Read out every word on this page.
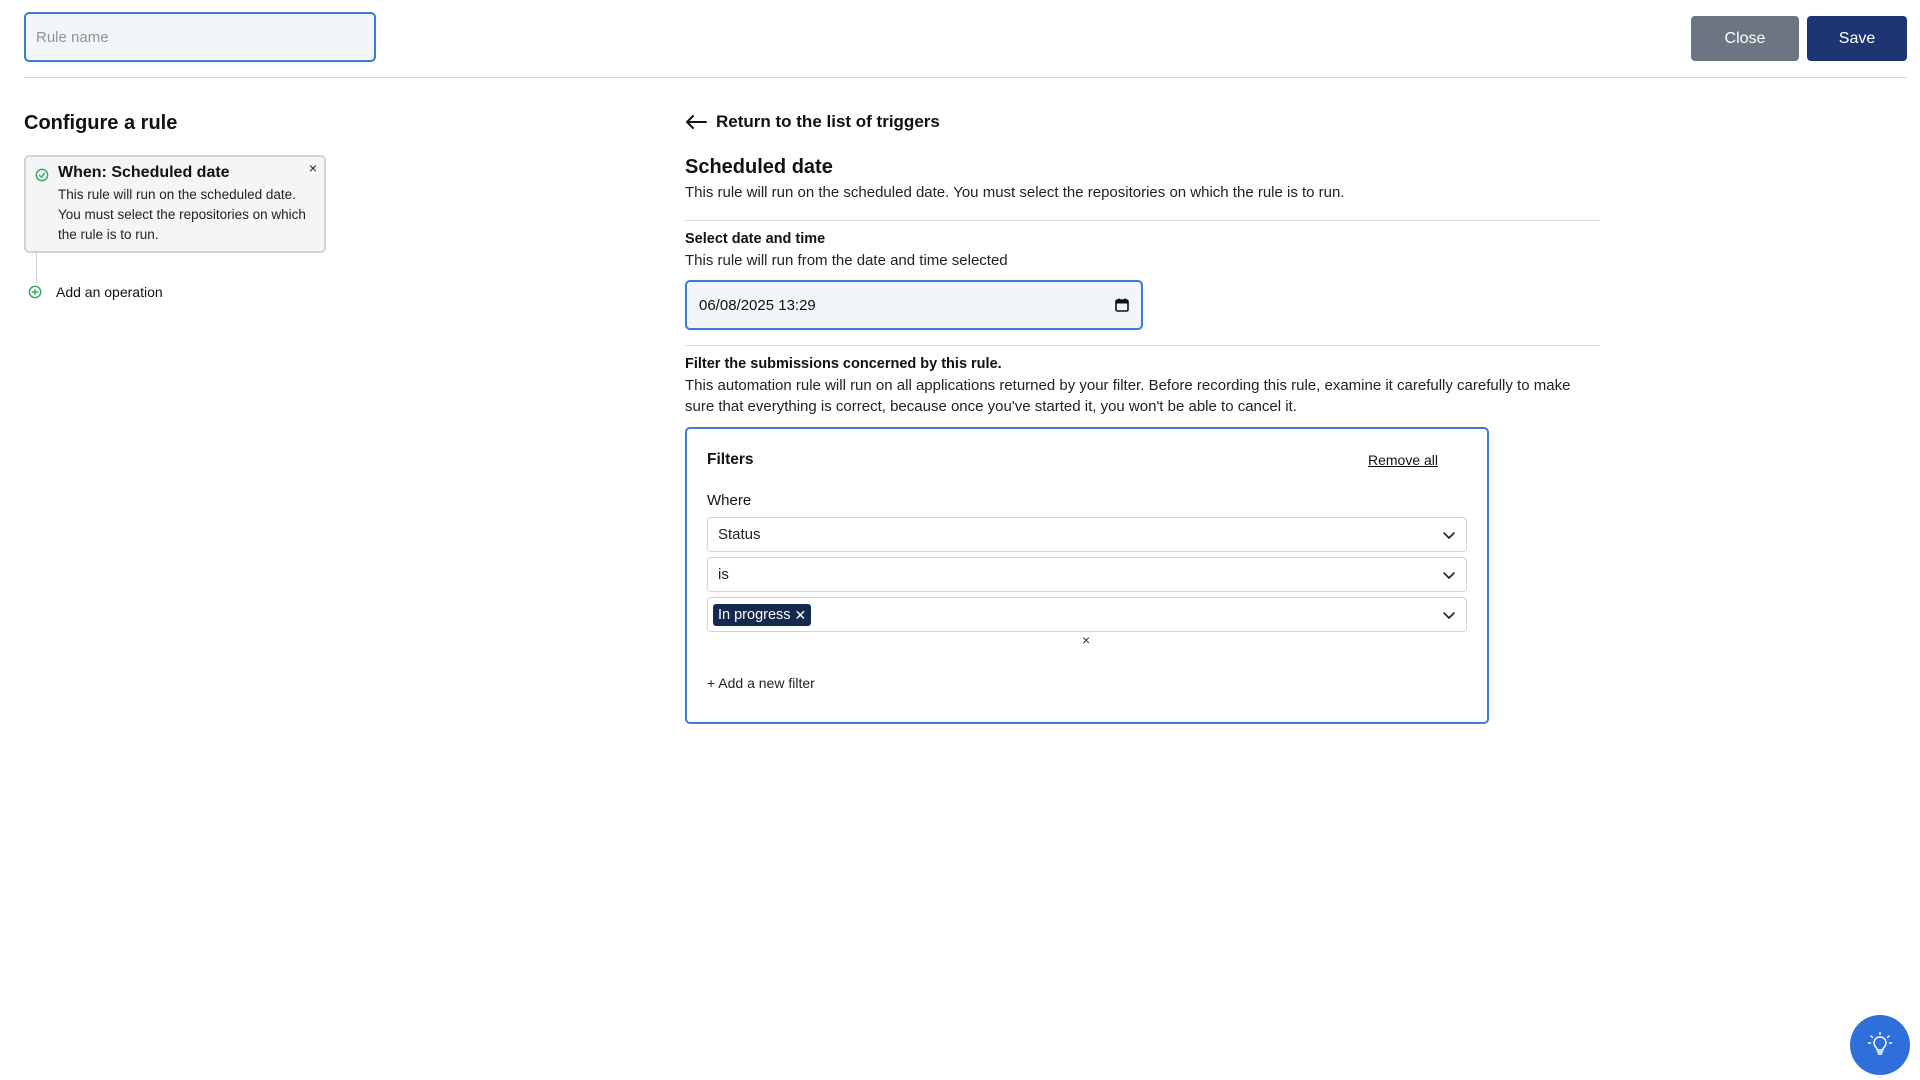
Rule name
Close	Save
Configure a rule
×
When: Scheduled date
This rule will run on the scheduled date. You must select the repositories on which the rule is to run.
Add an operation
Return to the list of triggers
Scheduled date
This rule will run on the scheduled date. You must select the repositories on which the rule is to run.
Select date and time
This rule will run from the date and time selected
06/08/2025 13:29
Filter the submissions concerned by this rule.
This automation rule will run on all applications returned by your filter. Before recording this rule, examine it carefully carefully to make
sure that everything is correct, because once you've started it, you won't be able to cancel it.
Filters	Remove all
Where
Status
is
In progress ✕
×
+ Add a new filter
